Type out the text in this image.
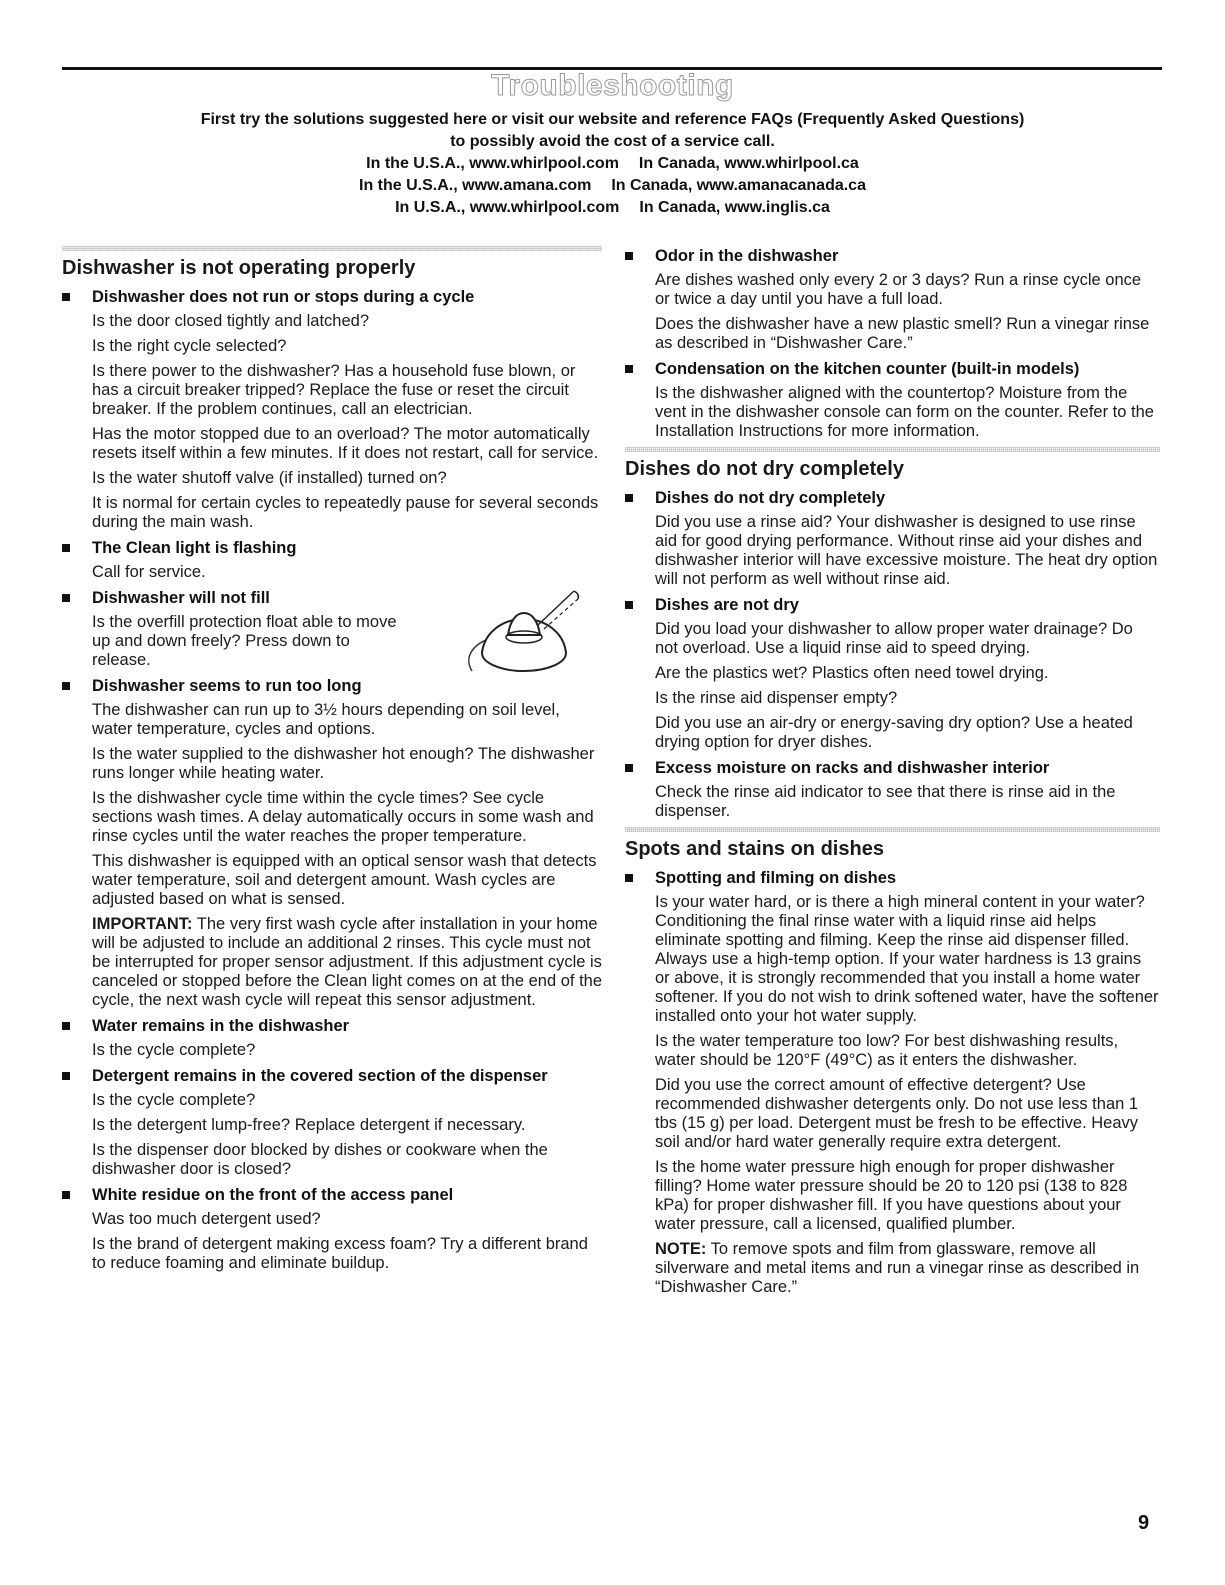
Troubleshooting

First try the solutions suggested here or visit our website and reference FAQs (Frequently Asked Questions)

to possibly avoid the cost of a service call.

In the U.S.A., www.whirlpool.com In Canada, www.whirlpool.ca

In the U.S.A., www.amana.com In Canada, www.amanacanada.ca

In U.S.A., www.whirlpool.com In Canada, www.inglis.ca

Dishwasher is not operating properly
Dishwasher does not run or stops during a cycle

Is the door closed tightly and latched?

Is the right cycle selected?

Is there power to the dishwasher? Has a household fuse blown, or has a circuit breaker tripped? Replace the fuse or reset the circuit breaker. If the problem continues, call an electrician.

Has the motor stopped due to an overload? The motor automatically resets itself within a few minutes. If it does not restart, call for service.

Is the water shutoff valve (if installed) turned on?

It is normal for certain cycles to repeatedly pause for several seconds during the main wash.

The Clean light is flashing

Call for service.

Dishwasher will not fill

Is the overfill protection float able to move up and down freely? Press down to release.

Dishwasher seems to run too long

The dishwasher can run up to 3½ hours depending on soil level, water temperature, cycles and options.

Is the water supplied to the dishwasher hot enough? The dishwasher runs longer while heating water.

Is the dishwasher cycle time within the cycle times? See cycle sections wash times. A delay automatically occurs in some wash and rinse cycles until the water reaches the proper temperature.

This dishwasher is equipped with an optical sensor wash that detects water temperature, soil and detergent amount. Wash cycles are adjusted based on what is sensed.

IMPORTANT: The very first wash cycle after installation in your home will be adjusted to include an additional 2 rinses. This cycle must not be interrupted for proper sensor adjustment. If this adjustment cycle is canceled or stopped before the Clean light comes on at the end of the cycle, the next wash cycle will repeat this sensor adjustment.

Water remains in the dishwasher

Is the cycle complete?

Detergent remains in the covered section of the dispenser

Is the cycle complete?

Is the detergent lump-free? Replace detergent if necessary.

Is the dispenser door blocked by dishes or cookware when the dishwasher door is closed?

White residue on the front of the access panel

Was too much detergent used?

Is the brand of detergent making excess foam? Try a different brand to reduce foaming and eliminate buildup.

Odor in the dishwasher

Are dishes washed only every 2 or 3 days? Run a rinse cycle once or twice a day until you have a full load.

Does the dishwasher have a new plastic smell? Run a vinegar rinse as described in “Dishwasher Care.”

Condensation on the kitchen counter (built-in models)

Is the dishwasher aligned with the countertop? Moisture from the vent in the dishwasher console can form on the counter. Refer to the Installation Instructions for more information.

Dishes do not dry completely
Dishes do not dry completely

Did you use a rinse aid? Your dishwasher is designed to use rinse aid for good drying performance. Without rinse aid your dishes and dishwasher interior will have excessive moisture. The heat dry option will not perform as well without rinse aid.

Dishes are not dry

Did you load your dishwasher to allow proper water drainage? Do not overload. Use a liquid rinse aid to speed drying.

Are the plastics wet? Plastics often need towel drying.

Is the rinse aid dispenser empty?

Did you use an air-dry or energy-saving dry option? Use a heated drying option for dryer dishes.

Excess moisture on racks and dishwasher interior

Check the rinse aid indicator to see that there is rinse aid in the dispenser.

Spots and stains on dishes
Spotting and filming on dishes

Is your water hard, or is there a high mineral content in your water? Conditioning the final rinse water with a liquid rinse aid helps eliminate spotting and filming. Keep the rinse aid dispenser filled. Always use a high-temp option. If your water hardness is 13 grains or above, it is strongly recommended that you install a home water softener. If you do not wish to drink softened water, have the softener installed onto your hot water supply.

Is the water temperature too low? For best dishwashing results, water should be 120°F (49°C) as it enters the dishwasher.

Did you use the correct amount of effective detergent? Use recommended dishwasher detergents only. Do not use less than 1 tbs (15 g) per load. Detergent must be fresh to be effective. Heavy soil and/or hard water generally require extra detergent.

Is the home water pressure high enough for proper dishwasher filling? Home water pressure should be 20 to 120 psi (138 to 828 kPa) for proper dishwasher fill. If you have questions about your water pressure, call a licensed, qualified plumber.

NOTE: To remove spots and film from glassware, remove all silverware and metal items and run a vinegar rinse as described in “Dishwasher Care.”

9
